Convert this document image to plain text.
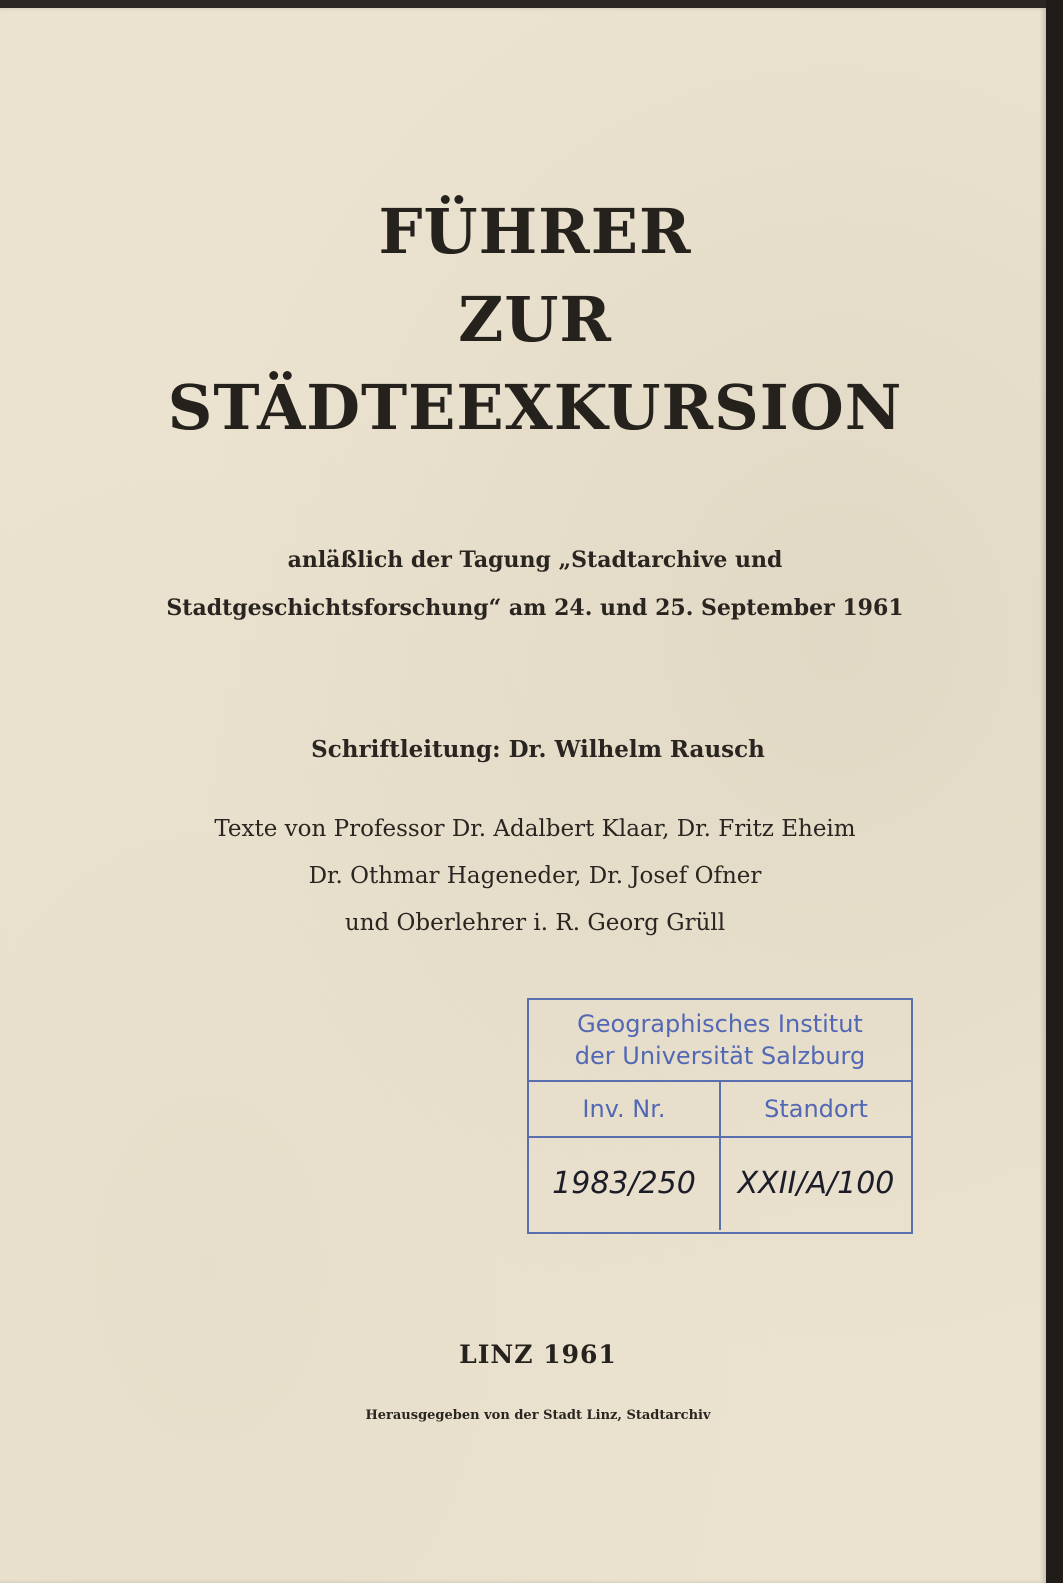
FÜHRER
ZUR
STÄDTEEXKURSION
anläßlich der Tagung „Stadtarchive und
Stadtgeschichtsforschung“ am 24. und 25. September 1961
Schriftleitung: Dr. Wilhelm Rausch
Texte von Professor Dr. Adalbert Klaar, Dr. Fritz Eheim
Dr. Othmar Hageneder, Dr. Josef Ofner
und Oberlehrer i. R. Georg Grüll
Geographisches Institut
der Universität Salzburg
Inv. Nr.	Standort
1983/250	XXII/A/100
LINZ 1961
Herausgegeben von der Stadt Linz, Stadtarchiv
